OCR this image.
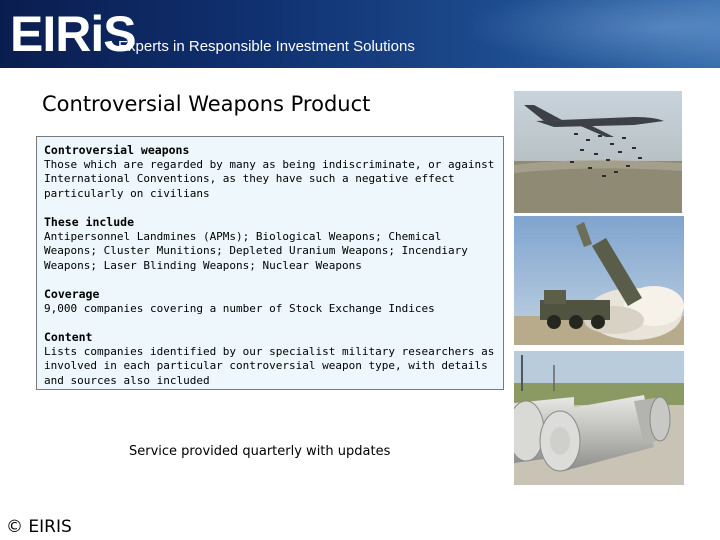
EIRiS
Experts in Responsible Investment Solutions
Controversial Weapons Product
Controversial weapons
Those which are regarded by many as being indiscriminate, or against International Conventions, as they have such a negative effect particularly on civilians
These include
Antipersonnel Landmines (APMs); Biological Weapons; Chemical Weapons; Cluster Munitions; Depleted Uranium Weapons; Incendiary Weapons; Laser Blinding Weapons; Nuclear Weapons
Coverage
9,000 companies covering a number of Stock Exchange Indices
Content
Lists companies identified by our specialist military researchers as involved in each particular controversial weapon type, with details and sources also included
Service provided quarterly with updates
© EIRIS
